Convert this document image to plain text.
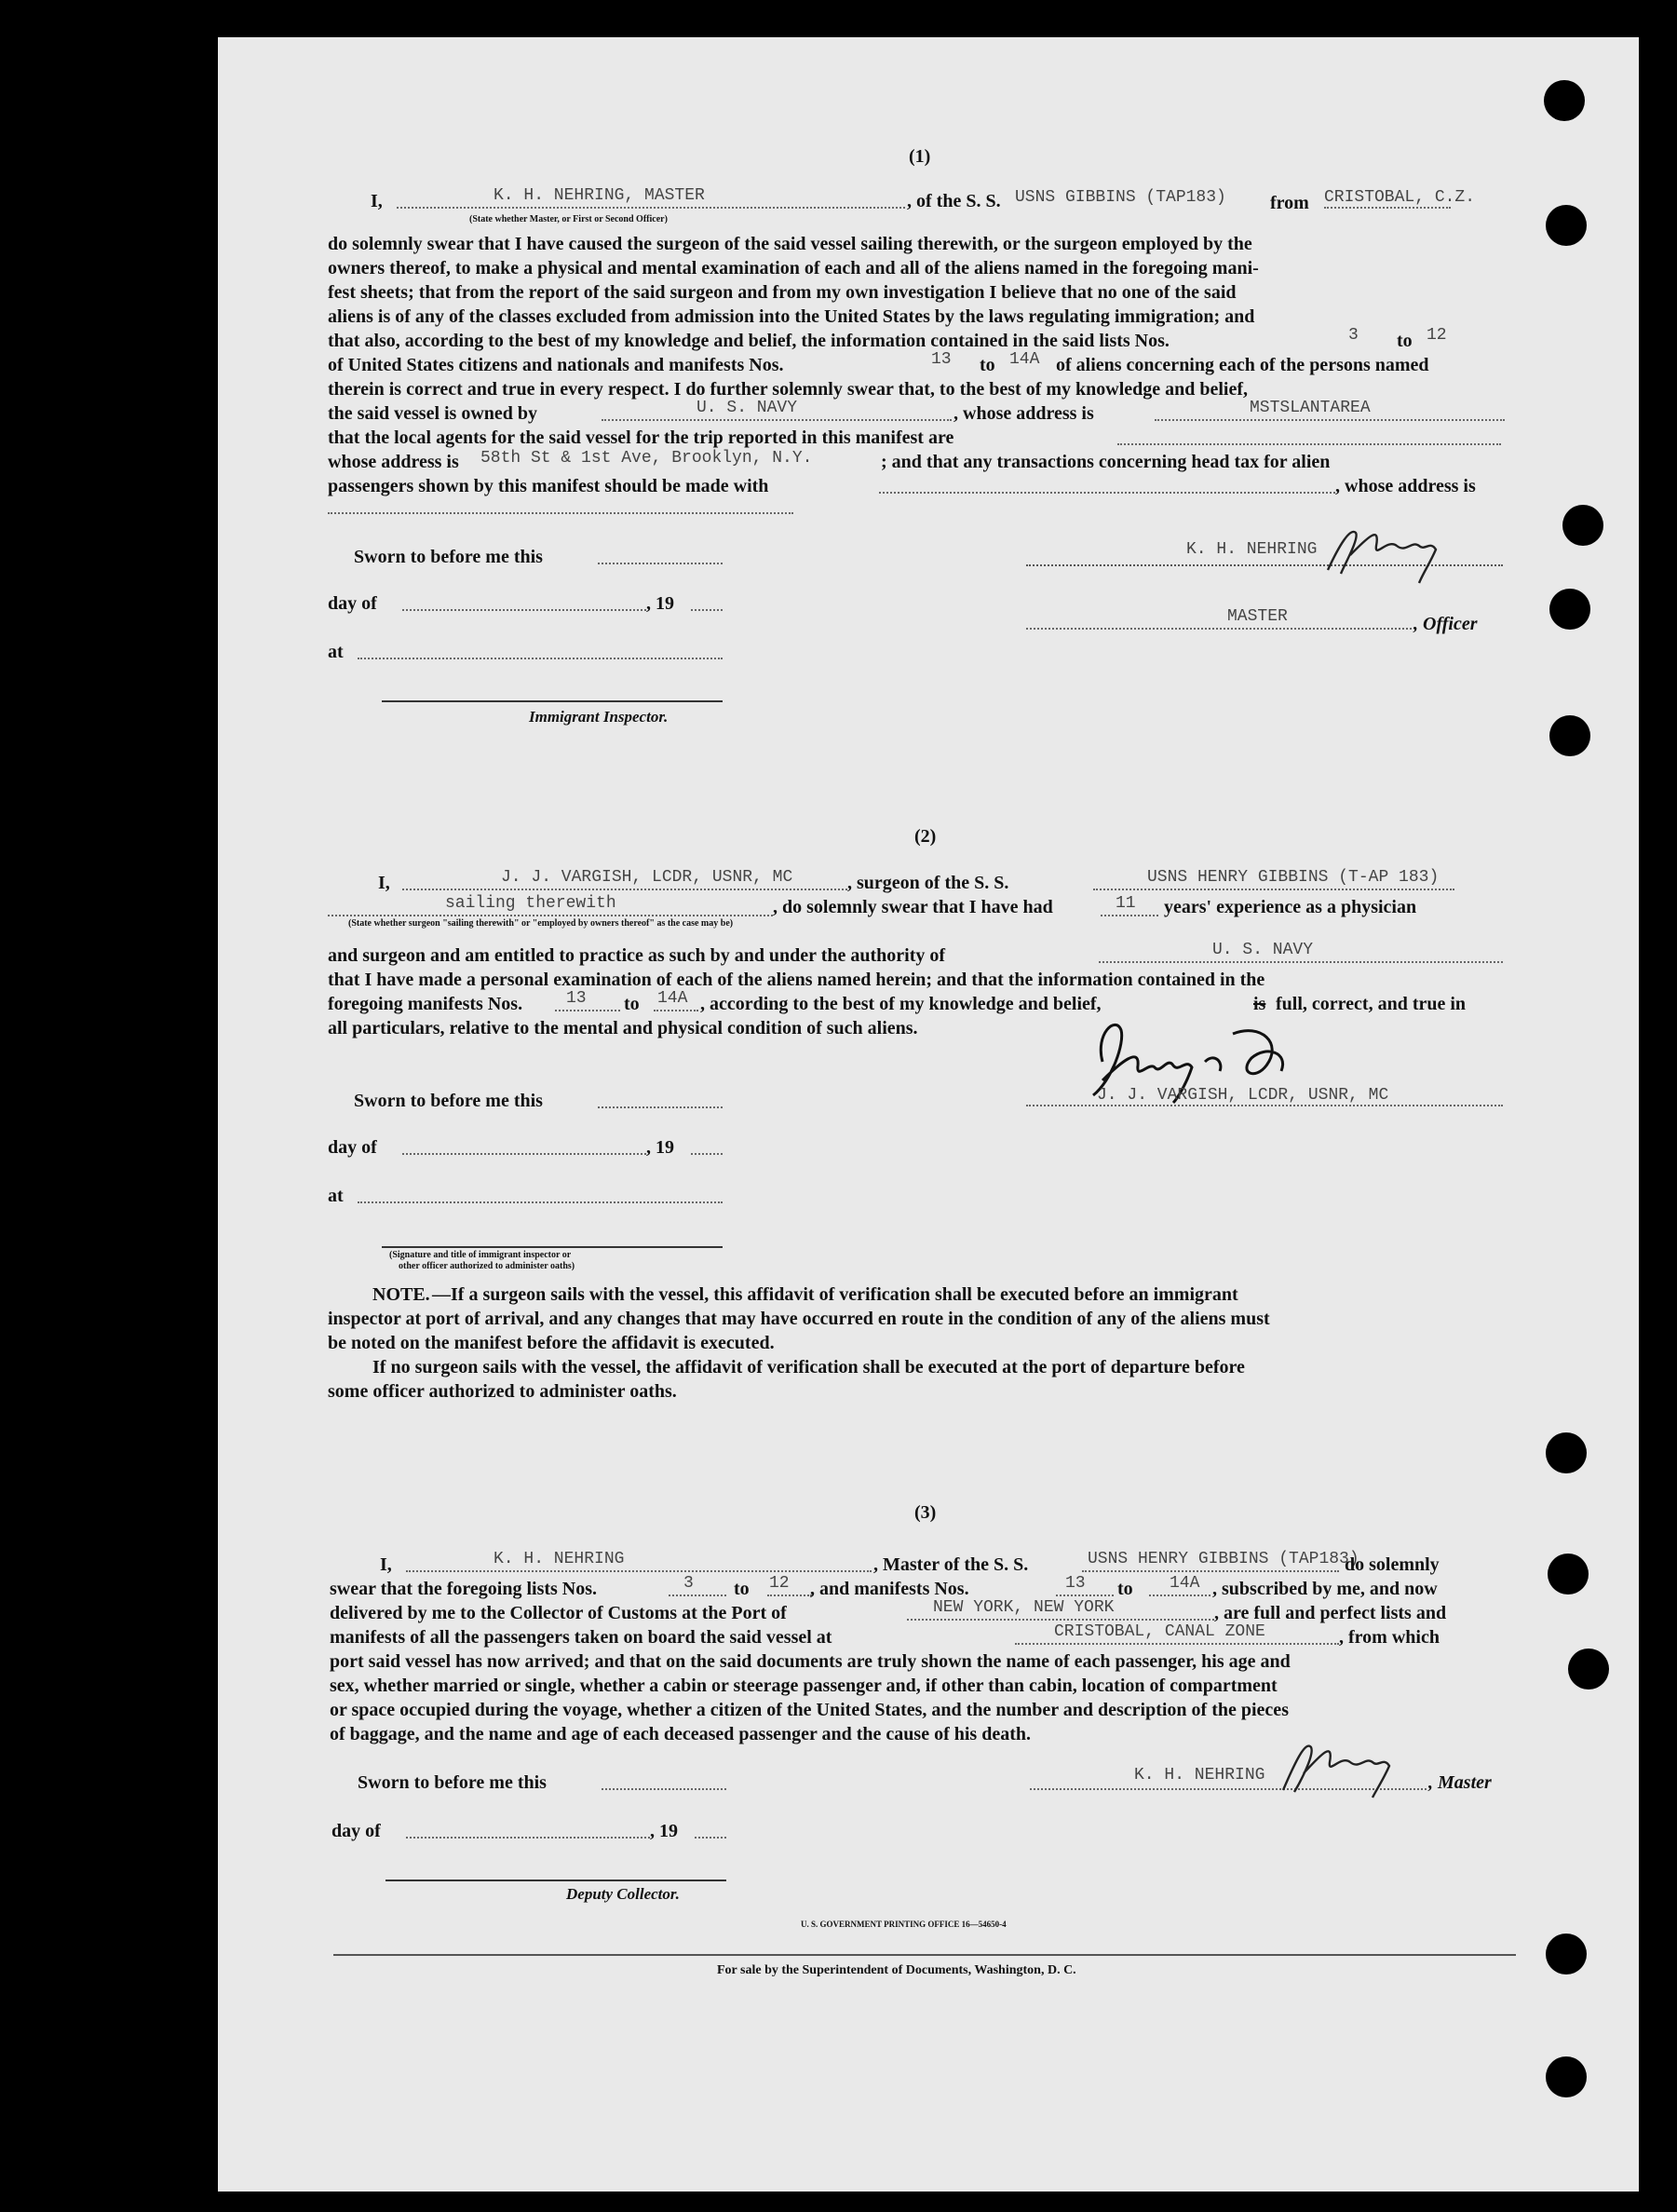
(1)
I,	K. H. NEHRING, MASTER	, of the S. S. USNS GIBBINS (TAP183) from CRISTOBAL, C.Z.
(State whether Master, or First or Second Officer)
do solemnly swear that I have caused the surgeon of the said vessel sailing therewith, or the surgeon employed by the
owners thereof, to make a physical and mental examination of each and all of the aliens named in the foregoing mani-
fest sheets; that from the report of the said surgeon and from my own investigation I believe that no one of the said
aliens is of any of the classes excluded from admission into the United States by the laws regulating immigration; and
that also, according to the best of my knowledge and belief, the information contained in the said lists Nos.	3 to 12
of United States citizens and nationals and manifests Nos.	13 to 14A of aliens concerning each of the persons named
therein is correct and true in every respect. I do further solemnly swear that, to the best of my knowledge and belief,
the said vessel is owned by	U. S. NAVY	, whose address is	MSTSLANTAREA
that the local agents for the said vessel for the trip reported in this manifest are
whose address is 58th St & 1st Ave, Brooklyn, N.Y.	; and that any transactions concerning head tax for alien
passengers shown by this manifest should be made with	, whose address is
Sworn to before me this	K. H. NEHRING
day of	, 19
MASTER	, Officer
at
Immigrant Inspector.
(2)
I,	J. J. VARGISH, LCDR, USNR, MC	, surgeon of the S. S.	USNS HENRY GIBBINS (T-AP 183)
sailing therewith	, do solemnly swear that I have had	11 years' experience as a physician
(State whether surgeon "sailing therewith" or "employed by owners thereof" as the case may be)
and surgeon and am entitled to practice as such by and under the authority of	U. S. NAVY
that I have made a personal examination of each of the aliens named herein; and that the information contained in the
foregoing manifests Nos.	13 to 14A , according to the best of my knowledge and belief,	is full, correct, and true in
all particulars, relative to the mental and physical condition of such aliens.
Sworn to before me this	J. J. VARGISH, LCDR, USNR, MC
day of	, 19
at
(Signature and title of immigrant inspector or
other officer authorized to administer oaths)
NOTE. —If a surgeon sails with the vessel, this affidavit of verification shall be executed before an immigrant
inspector at port of arrival, and any changes that may have occurred en route in the condition of any of the aliens must
be noted on the manifest before the affidavit is executed.
If no surgeon sails with the vessel, the affidavit of verification shall be executed at the port of departure before
some officer authorized to administer oaths.
(3)
I,	K. H. NEHRING	, Master of the S. S.	USNS HENRY GIBBINS (TAP183)
do solemnly
swear that the foregoing lists Nos.	3 to 12 , and manifests Nos.	13 to 14A , subscribed by me, and now
delivered by me to the Collector of Customs at the Port of	NEW YORK, NEW YORK	, are full and perfect lists and
manifests of all the passengers taken on board the said vessel at	CRISTOBAL, CANAL ZONE	, from which
port said vessel has now arrived; and that on the said documents are truly shown the name of each passenger, his age and
sex, whether married or single, whether a cabin or steerage passenger and, if other than cabin, location of compartment
or space occupied during the voyage, whether a citizen of the United States, and the number and description of the pieces
of baggage, and the name and age of each deceased passenger and the cause of his death.
Sworn to before me this	K. H. NEHRING	, Master
day of	, 19
Deputy Collector.
U. S. GOVERNMENT PRINTING OFFICE 16—54650-4
For sale by the Superintendent of Documents, Washington, D. C.
